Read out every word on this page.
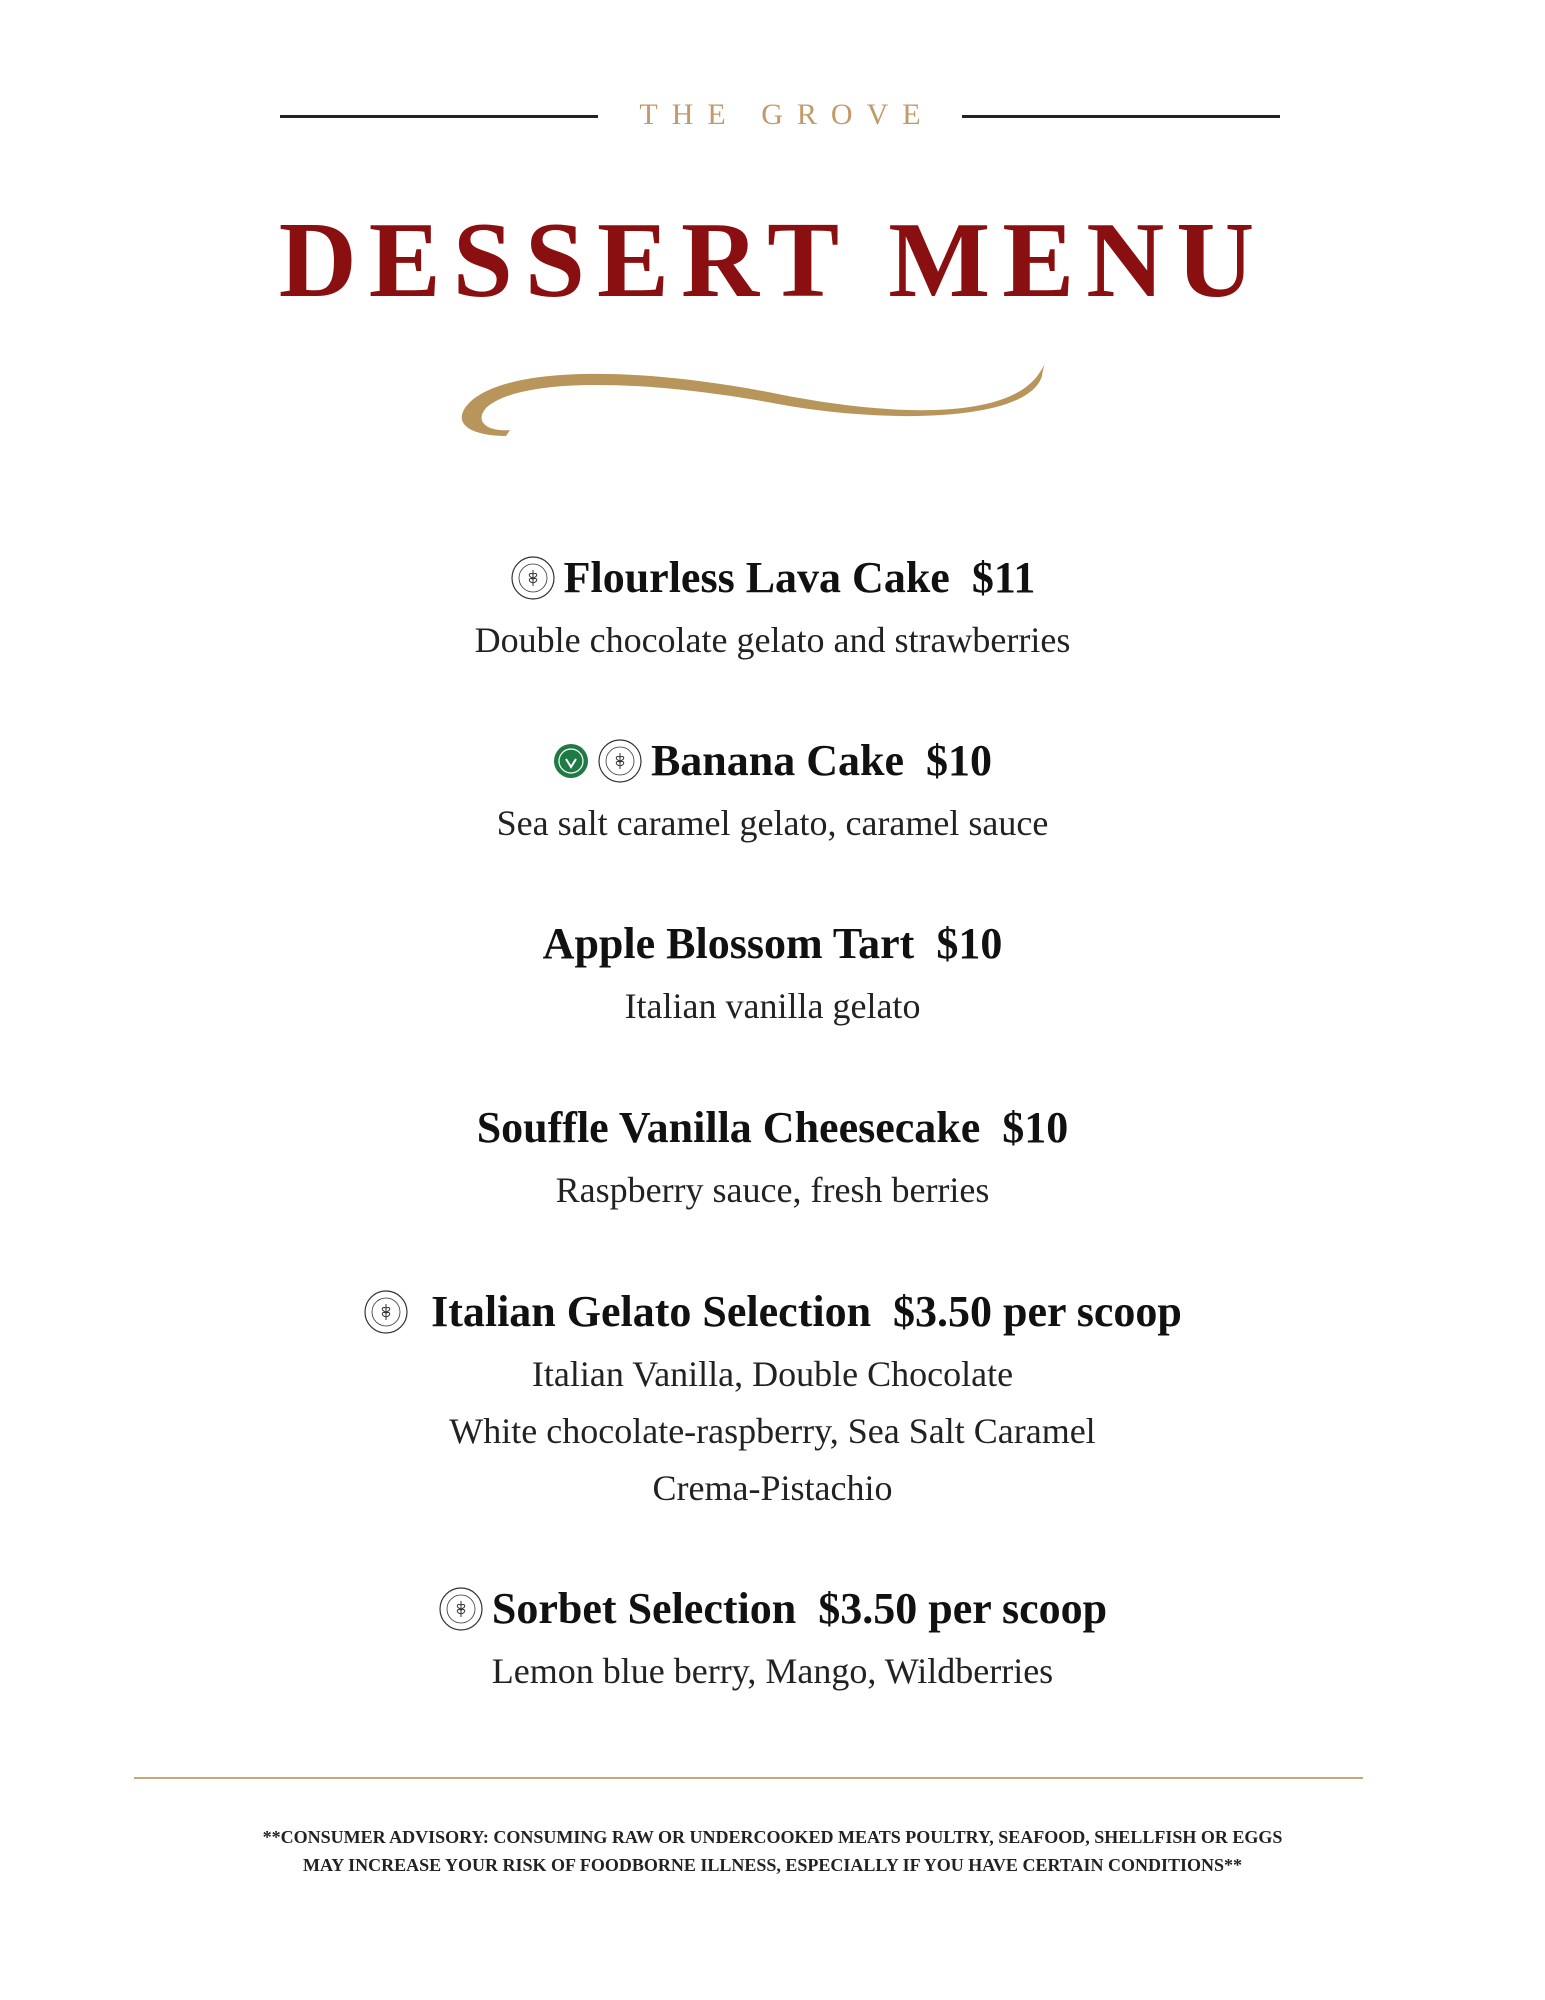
THE GROVE
DESSERT MENU
Flourless Lava Cake $11
Double chocolate gelato and strawberries
Banana Cake $10
Sea salt caramel gelato, caramel sauce
Apple Blossom Tart $10
Italian vanilla gelato
Souffle Vanilla Cheesecake $10
Raspberry sauce, fresh berries
Italian Gelato Selection $3.50 per scoop
Italian Vanilla, Double Chocolate
White chocolate-raspberry, Sea Salt Caramel
Crema-Pistachio
Sorbet Selection $3.50 per scoop
Lemon blue berry, Mango, Wildberries
**CONSUMER ADVISORY: CONSUMING RAW OR UNDERCOOKED MEATS POULTRY, SEAFOOD, SHELLFISH OR EGGS
MAY INCREASE YOUR RISK OF FOODBORNE ILLNESS, ESPECIALLY IF YOU HAVE CERTAIN CONDITIONS**
